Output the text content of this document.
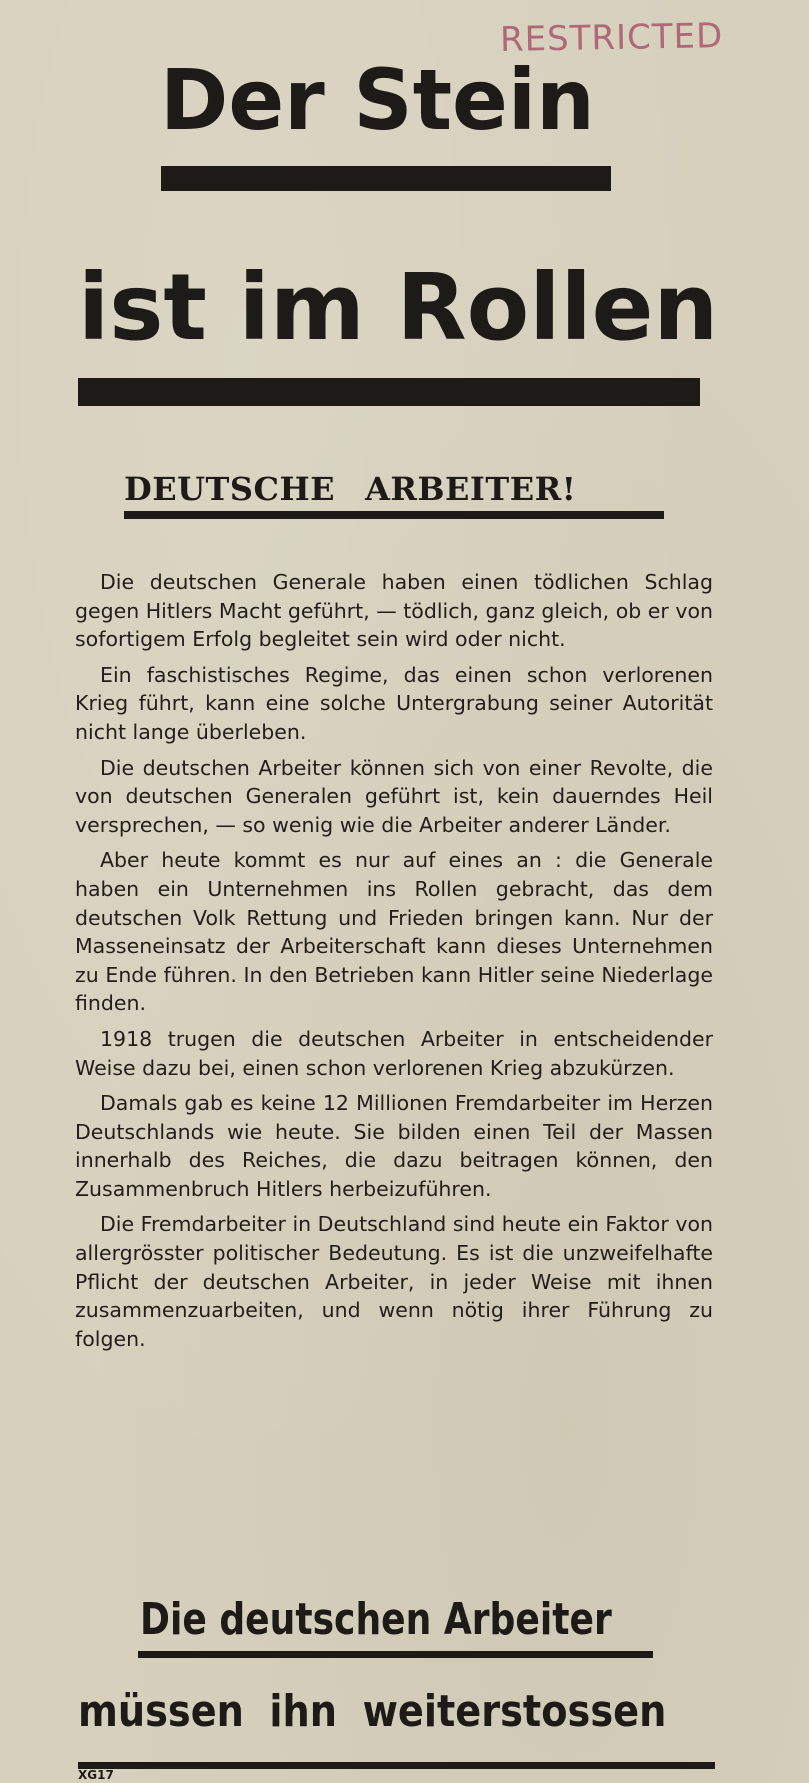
RESTRICTED
Der Stein
ist im Rollen
DEUTSCHE ARBEITER!

Die deutschen Generale haben einen tödlichen Schlag gegen Hitlers Macht geführt, — tödlich, ganz gleich, ob er von sofortigem Erfolg begleitet sein wird oder nicht.

Ein faschistisches Regime, das einen schon verlorenen Krieg führt, kann eine solche Untergrabung seiner Autorität nicht lange überleben.

Die deutschen Arbeiter können sich von einer Revolte, die von deutschen Generalen geführt ist, kein dauerndes Heil versprechen, — so wenig wie die Arbeiter anderer Länder.

Aber heute kommt es nur auf eines an : die Generale haben ein Unternehmen ins Rollen gebracht, das dem deutschen Volk Rettung und Frieden bringen kann. Nur der Masseneinsatz der Arbeiterschaft kann dieses Unternehmen zu Ende führen. In den Betrieben kann Hitler seine Niederlage finden.

1918 trugen die deutschen Arbeiter in entscheidender Weise dazu bei, einen schon verlorenen Krieg abzukürzen.

Damals gab es keine 12 Millionen Fremdarbeiter im Herzen Deutschlands wie heute. Sie bilden einen Teil der Massen innerhalb des Reiches, die dazu beitragen können, den Zusammenbruch Hitlers herbeizuführen.

Die Fremdarbeiter in Deutschland sind heute ein Faktor von allergrösster politischer Bedeutung. Es ist die unzweifelhafte Pflicht der deutschen Arbeiter, in jeder Weise mit ihnen zusammenzuarbeiten, und wenn nötig ihrer Führung zu folgen.

Die deutschen Arbeiter
müssen ihn weiterstossen
XG17
